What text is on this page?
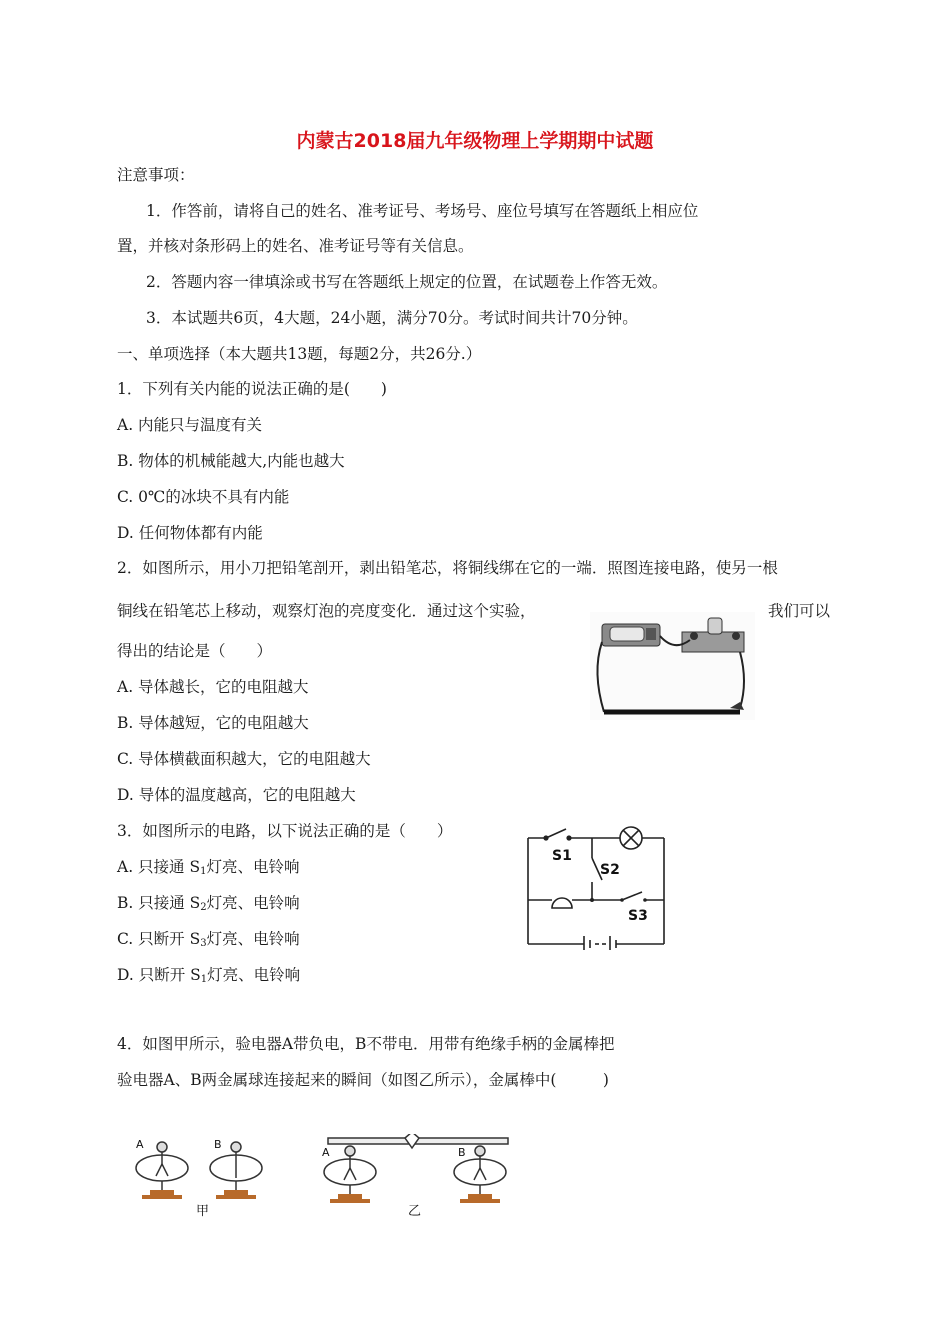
内蒙古2018届九年级物理上学期期中试题
注意事项：
1．作答前，请将自己的姓名、准考证号、考场号、座位号填写在答题纸上相应位
置，并核对条形码上的姓名、准考证号等有关信息。
2．答题内容一律填涂或书写在答题纸上规定的位置，在试题卷上作答无效。
3．本试题共6页，4大题，24小题，满分70分。考试时间共计70分钟。
一、单项选择（本大题共13题，每题2分，共26分.）
1．下列有关内能的说法正确的是(　　)
A. 内能只与温度有关
B. 物体的机械能越大,内能也越大
C. 0℃的冰块不具有内能
D. 任何物体都有内能
2．如图所示，用小刀把铅笔剖开，剥出铅笔芯，将铜线绑在它的一端．照图连接电路，使另一根
铜线在铅笔芯上移动，观察灯泡的亮度变化．通过这个实验，	我们可以
得出的结论是（　　）
A. 导体越长，它的电阻越大
B. 导体越短，它的电阻越大
C. 导体横截面积越大，它的电阻越大
D. 导体的温度越高，它的电阻越大
3．如图所示的电路，以下说法正确的是（　　）
A. 只接通 $S_1$灯亮、电铃响
B. 只接通 $S_2$灯亮、电铃响
C. 只断开 $S_3$灯亮、电铃响
D. 只断开 $S_1$灯亮、电铃响
S1
S2
S3
4．如图甲所示，验电器A带负电，B不带电．用带有绝缘手柄的金属棒把
验电器A、B两金属球连接起来的瞬间（如图乙所示），金属棒中(　　　)
A	B
A	B
甲	乙
